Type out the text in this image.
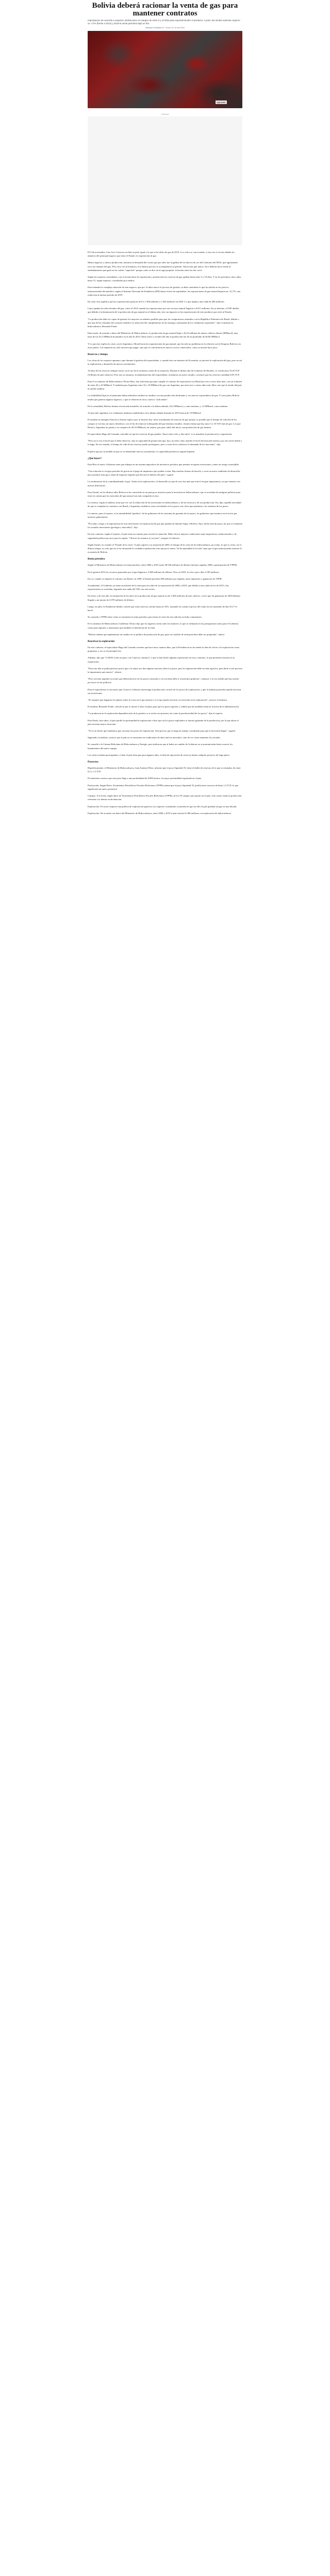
Bolivia deberá racionar la venta de gas para mantener contratos

Importancia: De acuerdo a expertos, Bolivia tiene un margen de entre 5 y 10 días para exportar/vender el producto. A junio, las ventas externas cayeron un -17% (frente a 2014) y 2019 la venta petrolera bajó un 5%.

Jhohana Fernández R. / Enero 12 | 01 Abr 2022
Agencias
Publicidad

El 9 de noviembre, Luis Arce Catacora recibió en pisk, igual a lo que se ha dicho de gas de 2019. Los ciclos se van tocando, y esta vez el escrito debido los números del principal negocio que tiene el Estado: la exportación de gas.

Menos ingresos y menos producción, mientras la demanda del vecino que por años fue la gallina de los huevos de oro del Gobierno del MAS, que agonizando tuvo sus tiempos del gas. Pero, hoy con la bonanza y los buenos precios se acompañaron su gestión. Ahora más que nunca, Arce debería hacer frente al endeudamiento que ganó en los caídos "superávit" porque como se dice en el argot popular: la brecha entre los dos crece.

Según los expertos consultados, con el actual ritmo de exportación y producción los reservas de gas quedan hasta entre 5 y 10 años. Y en los próximos cinco años, hasta 15, según expertos, consultados por medios.

Para entender la compleja situación de este negocio, que por 14 años marcó el proceso de gestión, se debe considerar lo que ha sufrido en los precios internacionales del petróleo, según el Instituto Nacional de Estadística (INE) hasta el mes de septiembre, las exportaciones de gas natural bajaron un -21,7%, una reducción al mismo período de 2019.

En valor esto significa que las exportaciones pasaron de 8 a 1.306 millones a 1.020 millones en 2020. Lo que implica una caída de 286 millones.

Lejos quedan los años dorados del gas, como el 2014 cuando las exportaciones por este recurso natural llegaron a 6.011 millones. En su informe, el INE detalla que debido a la disminución de la producción de gas natural en el último año, tuvo un impacto en las exportaciones de este producto que restó al Estado.

"La producción debe ser capaz de generar los mayores excedentes posibles para que los compromisos asumidos con la República Federativa de Brasil, debido a que una de las cláusulas del contrato establece la reducción del cumplimiento de las entregas contratadas de los volúmenes requeridos", dijo el analista en hidrocarburos, Bernardo Prado.

Entre tanto, de acuerdo a datos del Ministerio de Hidrocarburos, la producción de gas natural llegó a 43,25 millones de metros cúbicos diarios (MMmcd), muy lejos de los 61,5 MMmcd alcanzados en el año de 2014. Entre enero a octubre del año la producción fue de un promedio de 40,66 MMmcd.

Y es que esto explica la crisis con la Argentina y Brasil hacia las exportaciones de gas natural, que ha sido un problema en la relación con la Empresa Bolivia con otros países. Las empresas no sólo tuvieron que pagar, sino que se convirtieron en nuevos socios comerciales, como se mostró hace poco.

Reservas y tiempo

Las cifras de los expertos apuntan a que durante la gestión del expresidente, y cuando éste era ministro de Economía, se priorizó la explotación del gas, pero no así la exploración y desarrollo de nuevos yacimientos.

Al tema de las reservas siempre estuvo en el ojo de la tormenta, tratan de su situación. Durante el último año de Gobierno de Morales, se certificaron 10,45 TCF (Trillones de pies cúbicos). Pero tras su renuncia, la administración del expresidente, resultaron un nuevo estudio, concluyó que las reservas rondaban 8,95 TCF.

Para el ex ministro de Hidrocarburos Álvaro Ríos, hay suficiente gas para cumplir el contrato de exportación con Brasil por tres a cinco años más, con un volumen de entre 20 y 24 MMmcd. Y también para Argentina entre 10 y 18 MMmcd de gas con Argentina, por unos tres o cuatro años más. Ríos cree que el estado del país no podrá cambiar.

La estabilidad (fija) en el panorama hidrocarburífero tardará en cambiar con una producción declinante y con nuevos exportadores de gas. A corto plazo Bolivia tendrá que generar algunos ingresos, o que se reducen en otra y nuevos "suficientes".

En la actualidad, Bolivia destina al mercado brasileño, de acuerdo a la última adenda, 20,4 MMmcd; y como máximo, y 12 MMmcd, como mínimo.

Al mercado argentino, los volúmenes mínimos establecidos en la última adenda firmada en 2019 fueron de 10 MMmcd.

El analista en energías Francesco Zaratti explicó que, al final no hay cifras actualizadas de reservas de gas natural, es posible que el tiempo de vida útil de los campos se vea hoy un nuevo desenlace, con el fin de reiniciar la búsqueda del que tenemos estudios. Zaratti estima que hay unos 3 a 10 TCF más de gas. Los que Brasil y Argentina no pasan a, en conjunto de 20,16 MMmcd, así estimo, gas para cubrir del inicio, una producción de gas insumo.

El especialista Hugo del Granado coincidió en que las reservas de gas pueden "durar entre ocho y diez años" si se mantiene la producción y exportación.

"Pero no es eso el nivel que se debe observar, sino la capacidad de producción que, hoy, no tiene cómo atender el nivel del mercado interno, por otro nivel donde y lo haga. En ese sentido, el tiempo de vida de las reservas puede prolongarse, pero a costa de no satisfacer la demanda de los mercados", dijo.

Explicó que por la medida en que se va deteniendo nuevos yacimientos, la capacidad productiva seguirá bajando.

¿Qué hacer?

Para Ríos el nuevo Gobierno tiene que trabajar en un sistema impositivo de incentivos privados que permite recuperar inversiones y tener un riesgo controlable.

"Una solución es recoger periodos de gracia en el pago de impuestos que ayuden a estar. Hay muchas formas de hacerlo y crear un nuevo ambiente de desarrollo, pero producir más gas y dejar de importar líquidos que llevan los dólares del país", sugirió.

La exuberancia de la contrabandeando el gas. Todas en la exploración y el desarrollo ya que de esos fue más que está el en gran importancia, ya que estamos con nuevas diferencias.

Para Zaratti, en los últimos años Bolivia se ha convertido en un país poco atractivo para la inversión en hidrocarburos, que se acuerdan las antiguas políticas para tener en cuenta que los mercados del gas natural son más competitivos hoy.

Lo externo, según el analista, tiene que ver con la reducción de las inversiones en hidrocarburos y de las reservas y de sus producción. Eso dijo, aquella necesidad de que se cumplan los contratos con Brasil y Argentina, establecer otras actividades en los pozos con cifras que permitan y los sistemas de los pozos.

Lo interno, para el experto, es la inestabilidad "genética" de las gobiernos de los sistemas de garantía de los pozos, los gobiernos que tenemos en el sector por nuestros gobernantes.

"Por tanto, riesgo y la importancia de esas inversiones en exploración de gas que puedan en durante Segar a Bolivia. Ojos, dicho más de pasos, las que se sostienen los actuales inversiones (geología y mercados)", dijo.

En este contexto, según el experto, el país tiene un camino para revertir la situación. Debe ofrecer mejores condiciones tanto impositivas, institucionales y de seguridad jurídica que sirve para la región. "Ofrecer los mismos (o en otros", aseguró el relatorio.

Según Zaratti, en octubre el "Estado de la crisis" el país regresó a su situación de 2005, el tiempo de la crisis de los hidrocarburos, por tanto, lo que es cierto, en el último tiempo, no solo que no se ha alcanzado la verdadera explotación sino que poco nunca "Se ha aprendido la lección" para que el gas natural pueda sostener la economía de Bolivia.

Renta petrolera

Según el Ministerio de Hidrocarburos la renta petrolera, entre 2006 y 2019 sumó 38.540 millones de dólares (incluye regalías, IDH y participación de YPFB).

En la gestión 2014 los recursos generados por el gas llegaron a 5.489 millones de dólares. Pero en 2019, la cifra cayó a $us 2.190 millones.

Eso sí, cuando se empezó el contrato con Brasil, en 1999, el Estado percibió 400 millones por regalías, entre impuestos y ganancias de YPFB.

Actualmente, el Gobierno ya tenía un informe de la renta para los años de la exportación de 2004 a 2019, que debido a una caída en los de 2015 a las exportaciones se acuerdan, logrando una caída del 54% con este sector.

En enero y de este año, la estimación de los años en la producción de gas natural era de 3.400 millones de pies cúbicos, con lo que las ganancias de 2020 habrían llegado a un monto de 2.070 millones de dólares.

Luego, en julio, la Fundación Jubileo calculó que estas reservas caerían hasta un 33%, tomando en cuenta el precio del crudo en ese momento de $us 35,17 el barril.

Se consultó a YPFB sobre cómo se encuentra la renta petrolera, pero hasta el cierre de esta edición no hubo comentarios.

El ex ministro de Hidrocarburos Guillermo Álvaro dijo que los ingresos serán cada vez menores, lo que se reflejaría en los presupuestos tanto para el Gobierno como para regiones y municipios que también se benefician de la renta.

"Bolivia tendría que implementar un cambio en su política de producción de gas, pues ese modelo de renta petrolera debe ser preparado", indicó.

Reactivar la exploración

En este contexto, el especialista Hugo del Granado sostiene que hace unos cuantos años, que la Presidencia no ha tenido la idea de volver a la exploración como propuesta, y eso es el principal reto.

Además, dijo que "el MAS sí dio un paso con 5 nuevos contratos" y que se han hecho algunas expresiones en esos contratos, lo que permitirá avanzar en la exploración.

"Para este año se podrá perforar pozos que a lo mejor nos den algunas noticias sobre los pozos, pero la exploración debe ser más agresiva, para darle a este proceso la importancia que merece", afirmó.

"Pero son más urgentes acciones que deben hacerse en los pozos existentes y en esa línea debe ir el próximo gobierno", subrayó, a la vez señaló que hay mucho por hacer en las políticas.

Para el especialista, es necesario que el nuevo Gobierno intervenga la producción a través de los pozos de exploración, y que la industria petrolera pueda reactivar sus inversiones.

"Se requiere que hagamos los planes sobre la crisis en el gas natural y es el que puede reactivar su inversión en la exploración", sostuvo el ministro.

El analista, Bernardo Prado, calculó en por lo menos 5 años el plazo para que los pozos aporten, y señaló que las medidas están en la mesa de la administración.

"La prudencia en la exploración dependerá más de la gestión, si se actúa con presteza, así como la productividad de los pozos", dijo el experto.

Para Prado, hace años, el país perdió la oportunidad de exploración e hizo que en los pozos explotados se fueran agotando de la producción, por lo que ahora el país necesita mayor inversión.

"Ya es un hecho que tendremos que racionar los pozos de exploración. Será preciso que se haga un trabajo coordinado para que la inversión llegue", sugirió.

Siguiendo su análisis, sostuvo que el país no se encuentra en condiciones de abrir nuevos mercados, sino de ver cómo mantener los actuales.

Se consultó a la Cámara Boliviana de Hidrocarburos y Energía, pero indicaron que al haber un cambio de Gobierno no se pronunciarán hasta conocer los lineamientos del nuevo equipo.

Las cifras resultan preocupantes: si bien el país tiene gas para algunos años, la falta de reposición de reservas limita cualquier proyecto de largo plazo.

Proyectos

Hipotéticamente, el Ministerio de Hidrocarburos, Juan Antonio Pérez, informó que el pozo Sipotindi X1 tiene el doble de reservas de lo que se estimaba, de entre 0,5 y 1,5 TCF.

El ministerio sostuvo que este pozo llega a una profundidad de 8.000 metros, la mayor profundidad registrada en el país.

Perforación, Según Pérez, Yacimientos Petrolíferos Fiscales Bolivianos (YPFB) estima que el pozo Sipotindi X1 podría tener reservas de hasta 1,5 TCF, lo que significaría un nuevo potencial.

Campos. A la fecha, según datos de Yacimientos Petrolíferos Fiscales Bolivianos (YPFB), de los 59 campos que operan en el país, sólo cuatro están en producción relevante; los demás en declinación.

Exploración. El sector requiere una política de exploración agresiva; los expertos consultados coinciden en que sin ello el país quedará sin gas en una década.

Exploración. De acuerdo con datos del Ministerio de Hidrocarburos, entre 2006 y 2019 el país invirtió 6.300 millones, en exploración de hidrocarburos.
